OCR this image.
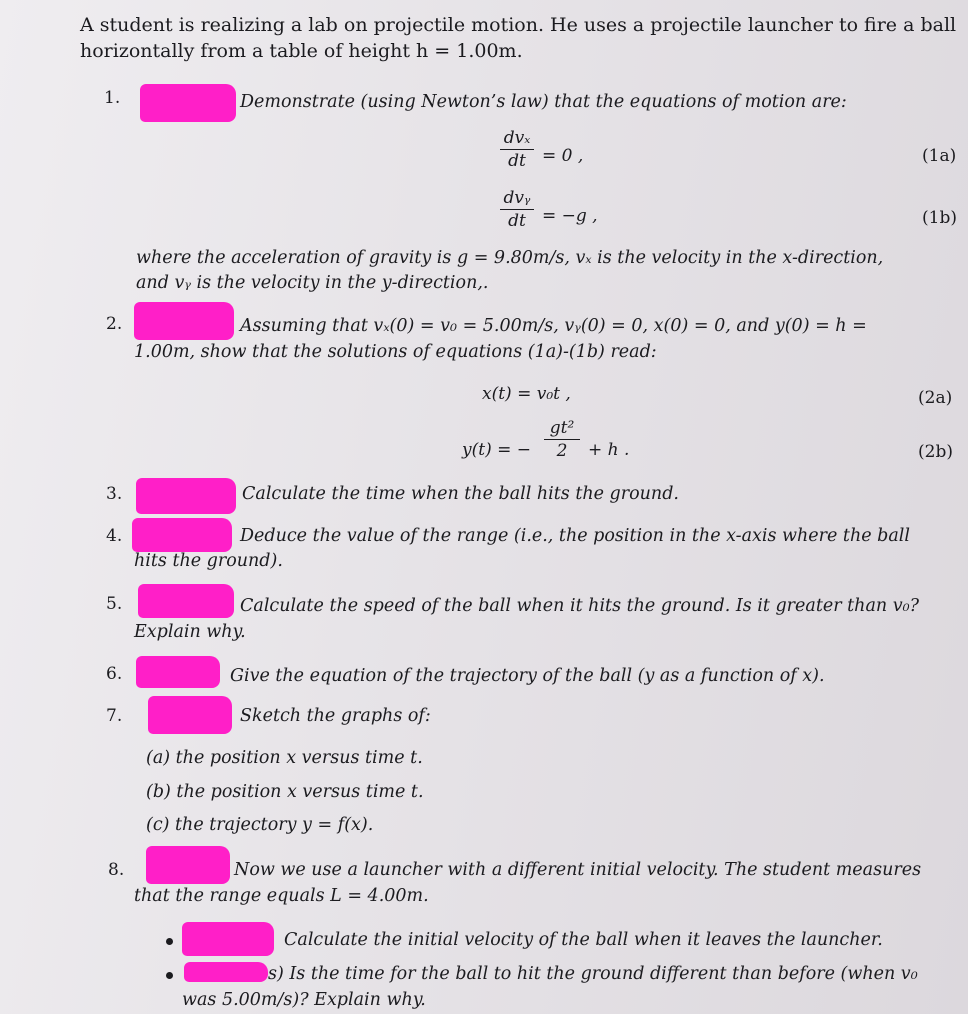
A student is realizing a lab on projectile motion. He uses a projectile launcher to fire a ball
horizontally from a table of height h = 1.00m.
1.	Demonstrate (using Newton’s law) that the equations of motion are:
dvₓ
dt = 0 ,	(1a)
dvᵧ
dt = −g ,	(1b)
where the acceleration of gravity is g = 9.80m/s, vₓ is the velocity in the x-direction,
and vᵧ is the velocity in the y-direction,.
2.	Assuming that vₓ(0) = v₀ = 5.00m/s, vᵧ(0) = 0, x(0) = 0, and y(0) = h =
1.00m, show that the solutions of equations (1a)-(1b) read:
x(t) = v₀t ,	(2a)
y(t) = −
gt²
2	+ h .	(2b)
3.	Calculate the time when the ball hits the ground.
4.	Deduce the value of the range (i.e., the position in the x-axis where the ball
hits the ground).
5.	Calculate the speed of the ball when it hits the ground. Is it greater than v₀?
Explain why.
6.	Give the equation of the trajectory of the ball (y as a function of x).
7.	Sketch the graphs of:
(a) the position x versus time t.
(b) the position x versus time t.
(c) the trajectory y = f(x).
8.	Now we use a launcher with a different initial velocity. The student measures
that the range equals L = 4.00m.
Calculate the initial velocity of the ball when it leaves the launcher.
s) Is the time for the ball to hit the ground different than before (when v₀
was 5.00m/s)? Explain why.
